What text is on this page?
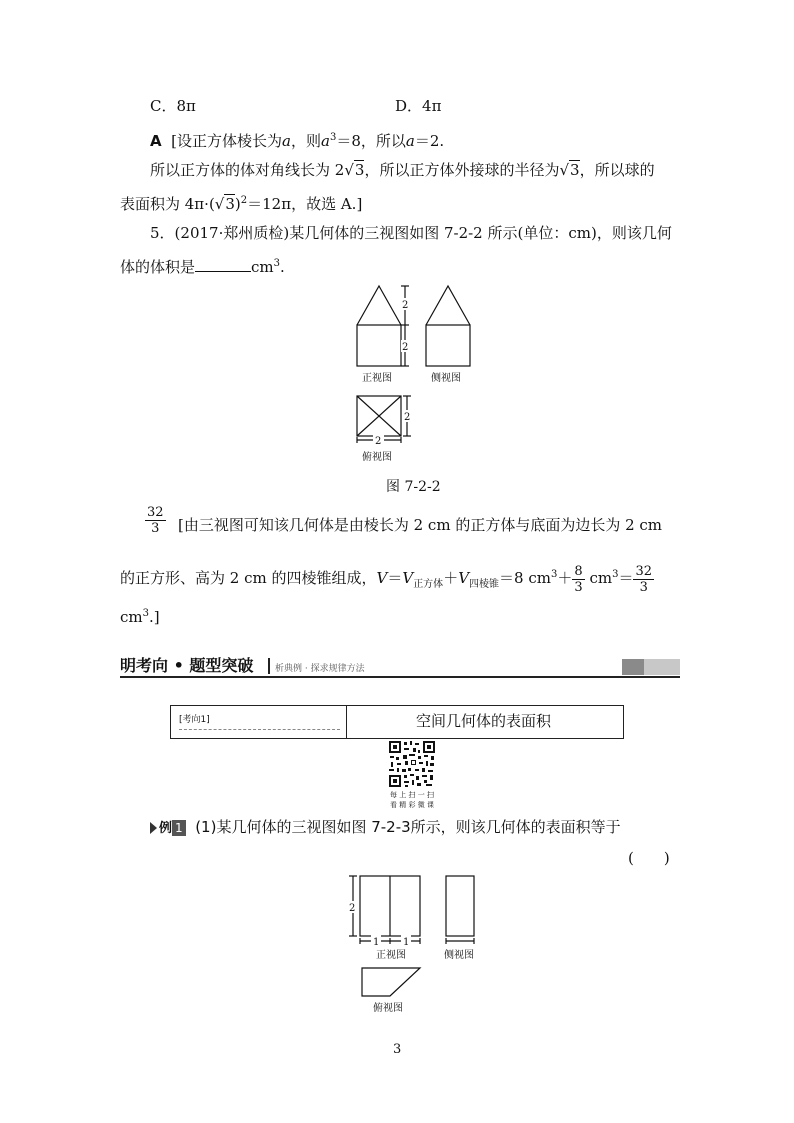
C．8π	D．4π
A [设正方体棱长为a，则$a^3=8$，所以a＝2.
所以正方体的体对角线长为 2√3，所以正方体外接球的半径为√3，所以球的
表面积为 $4\pi\cdot(√3)^2=12\pi$，故选 A.]
5．(2017·郑州质检)某几何体的三视图如图 7-2-2 所示(单位：cm)，则该几何
体的体积是	$cm^3$.
2
2
2
2
正视图	侧视图
俯视图
图 7-2-2
$\frac{32}{3}$ [由三视图可知该几何体是由棱长为 2 cm 的正方体与底面为边长为 2 cm
的正方形、高为 2 cm 的四棱锥组成，$V=V_{正方体}+V_{四棱锥}=8$ $cm^3+ \frac{8}{3} cm^3= \frac{32}{3}$
$cm^3$.]
明考向 • 题型突破 析典例 · 探求规律方法
[考向1]	空间几何体的表面积
每 上 扫 一 扫
看 精 彩 微 课
例 1 (1)某几何体的三视图如图 7-2-3所示，则该几何体的表面积等于
(　　)
2
1 1
正视图	侧视图
俯视图
3
